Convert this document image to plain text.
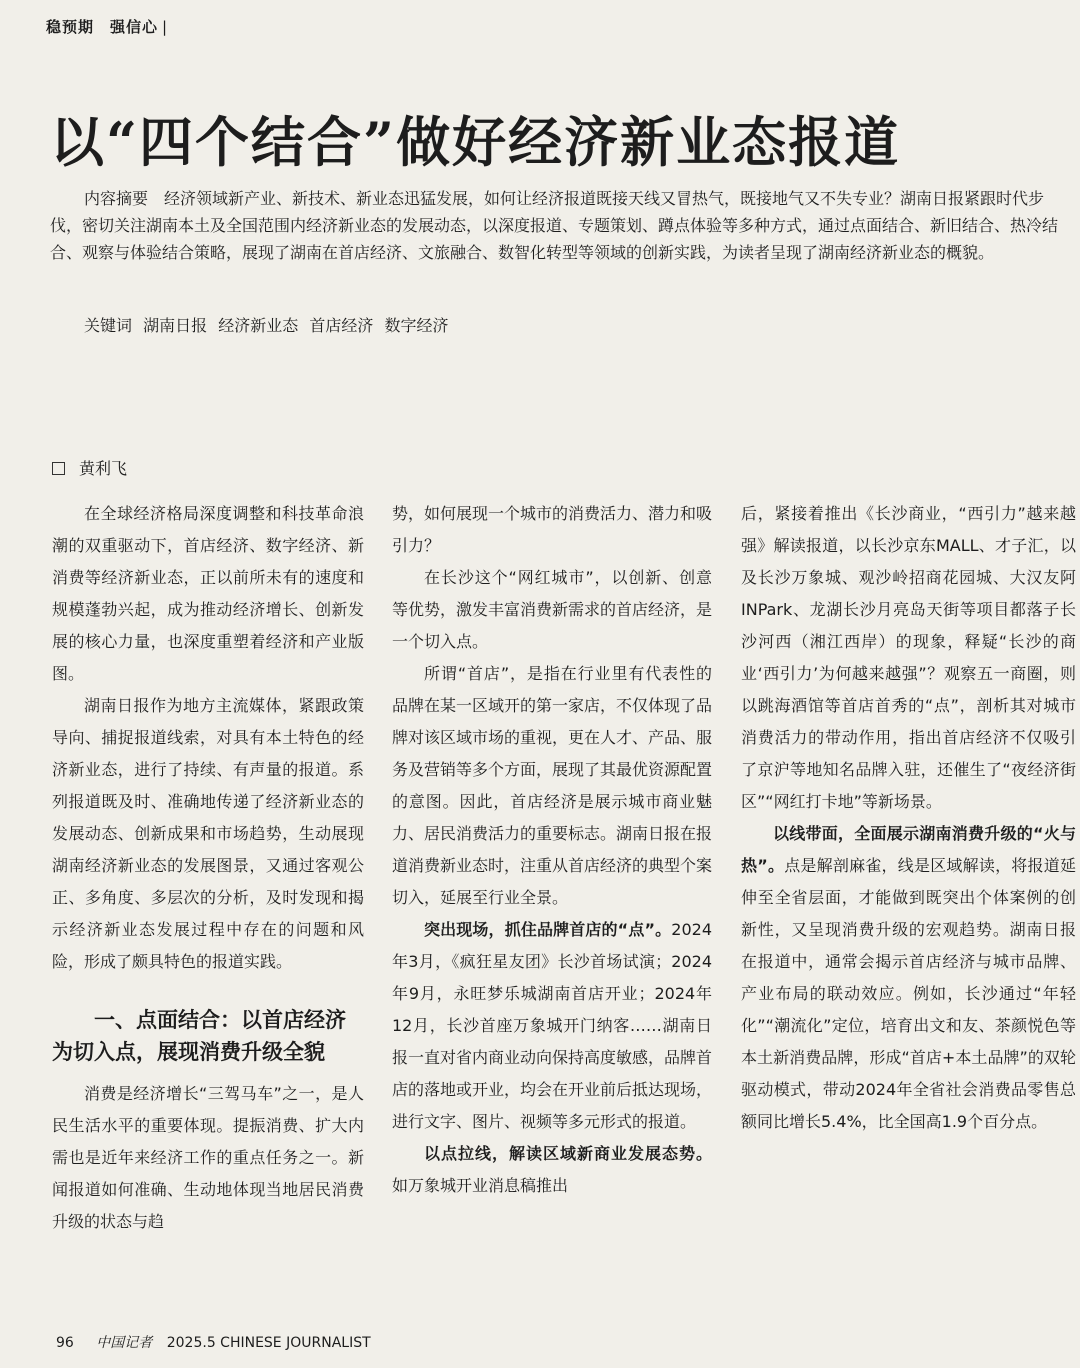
稳预期　强信心 |
以“四个结合”做好经济新业态报道
内容摘要 经济领域新产业、新技术、新业态迅猛发展，如何让经济报道既接天线又冒热气，既接地气又不失专业？湖南日报紧跟时代步伐，密切关注湖南本土及全国范围内经济新业态的发展动态，以深度报道、专题策划、蹲点体验等多种方式，通过点面结合、新旧结合、热冷结合、观察与体验结合策略，展现了湖南在首店经济、文旅融合、数智化转型等领域的创新实践，为读者呈现了湖南经济新业态的概貌。
关键词 湖南日报 经济新业态 首店经济 数字经济
黄利飞

在全球经济格局深度调整和科技革命浪潮的双重驱动下，首店经济、数字经济、新消费等经济新业态，正以前所未有的速度和规模蓬勃兴起，成为推动经济增长、创新发展的核心力量，也深度重塑着经济和产业版图。

湖南日报作为地方主流媒体，紧跟政策导向、捕捉报道线索，对具有本土特色的经济新业态，进行了持续、有声量的报道。系列报道既及时、准确地传递了经济新业态的发展动态、创新成果和市场趋势，生动展现湖南经济新业态的发展图景，又通过客观公正、多角度、多层次的分析，及时发现和揭示经济新业态发展过程中存在的问题和风险，形成了颇具特色的报道实践。

一、点面结合：以首店经济为切入点，展现消费升级全貌

消费是经济增长“三驾马车”之一，是人民生活水平的重要体现。提振消费、扩大内需也是近年来经济工作的重点任务之一。新闻报道如何准确、生动地体现当地居民消费升级的状态与趋

势，如何展现一个城市的消费活力、潜力和吸引力？

在长沙这个“网红城市”，以创新、创意等优势，激发丰富消费新需求的首店经济，是一个切入点。

所谓“首店”，是指在行业里有代表性的品牌在某一区域开的第一家店，不仅体现了品牌对该区域市场的重视，更在人才、产品、服务及营销等多个方面，展现了其最优资源配置的意图。因此，首店经济是展示城市商业魅力、居民消费活力的重要标志。湖南日报在报道消费新业态时，注重从首店经济的典型个案切入，延展至行业全景。

突出现场，抓住品牌首店的“点”。2024年3月，《疯狂星友团》长沙首场试演；2024年9月，永旺梦乐城湖南首店开业；2024年12月，长沙首座万象城开门纳客……湖南日报一直对省内商业动向保持高度敏感，品牌首店的落地或开业，均会在开业前后抵达现场，进行文字、图片、视频等多元形式的报道。

以点拉线，解读区域新商业发展态势。如万象城开业消息稿推出

后，紧接着推出《长沙商业，“西引力”越来越强》解读报道，以长沙京东MALL、才子汇，以及长沙万象城、观沙岭招商花园城、大汉友阿INPark、龙湖长沙月亮岛天街等项目都落子长沙河西（湘江西岸）的现象，释疑“长沙的商业‘西引力’为何越来越强”？观察五一商圈，则以跳海酒馆等首店首秀的“点”，剖析其对城市消费活力的带动作用，指出首店经济不仅吸引了京沪等地知名品牌入驻，还催生了“夜经济街区”“网红打卡地”等新场景。

以线带面，全面展示湖南消费升级的“火与热”。点是解剖麻雀，线是区域解读，将报道延伸至全省层面，才能做到既突出个体案例的创新性，又呈现消费升级的宏观趋势。湖南日报在报道中，通常会揭示首店经济与城市品牌、产业布局的联动效应。例如，长沙通过“年轻化”“潮流化”定位，培育出文和友、茶颜悦色等本土新消费品牌，形成“首店+本土品牌”的双轮驱动模式，带动2024年全省社会消费品零售总额同比增长5.4%，比全国高1.9个百分点。

96 中国记者 2025.5 CHINESE JOURNALIST
